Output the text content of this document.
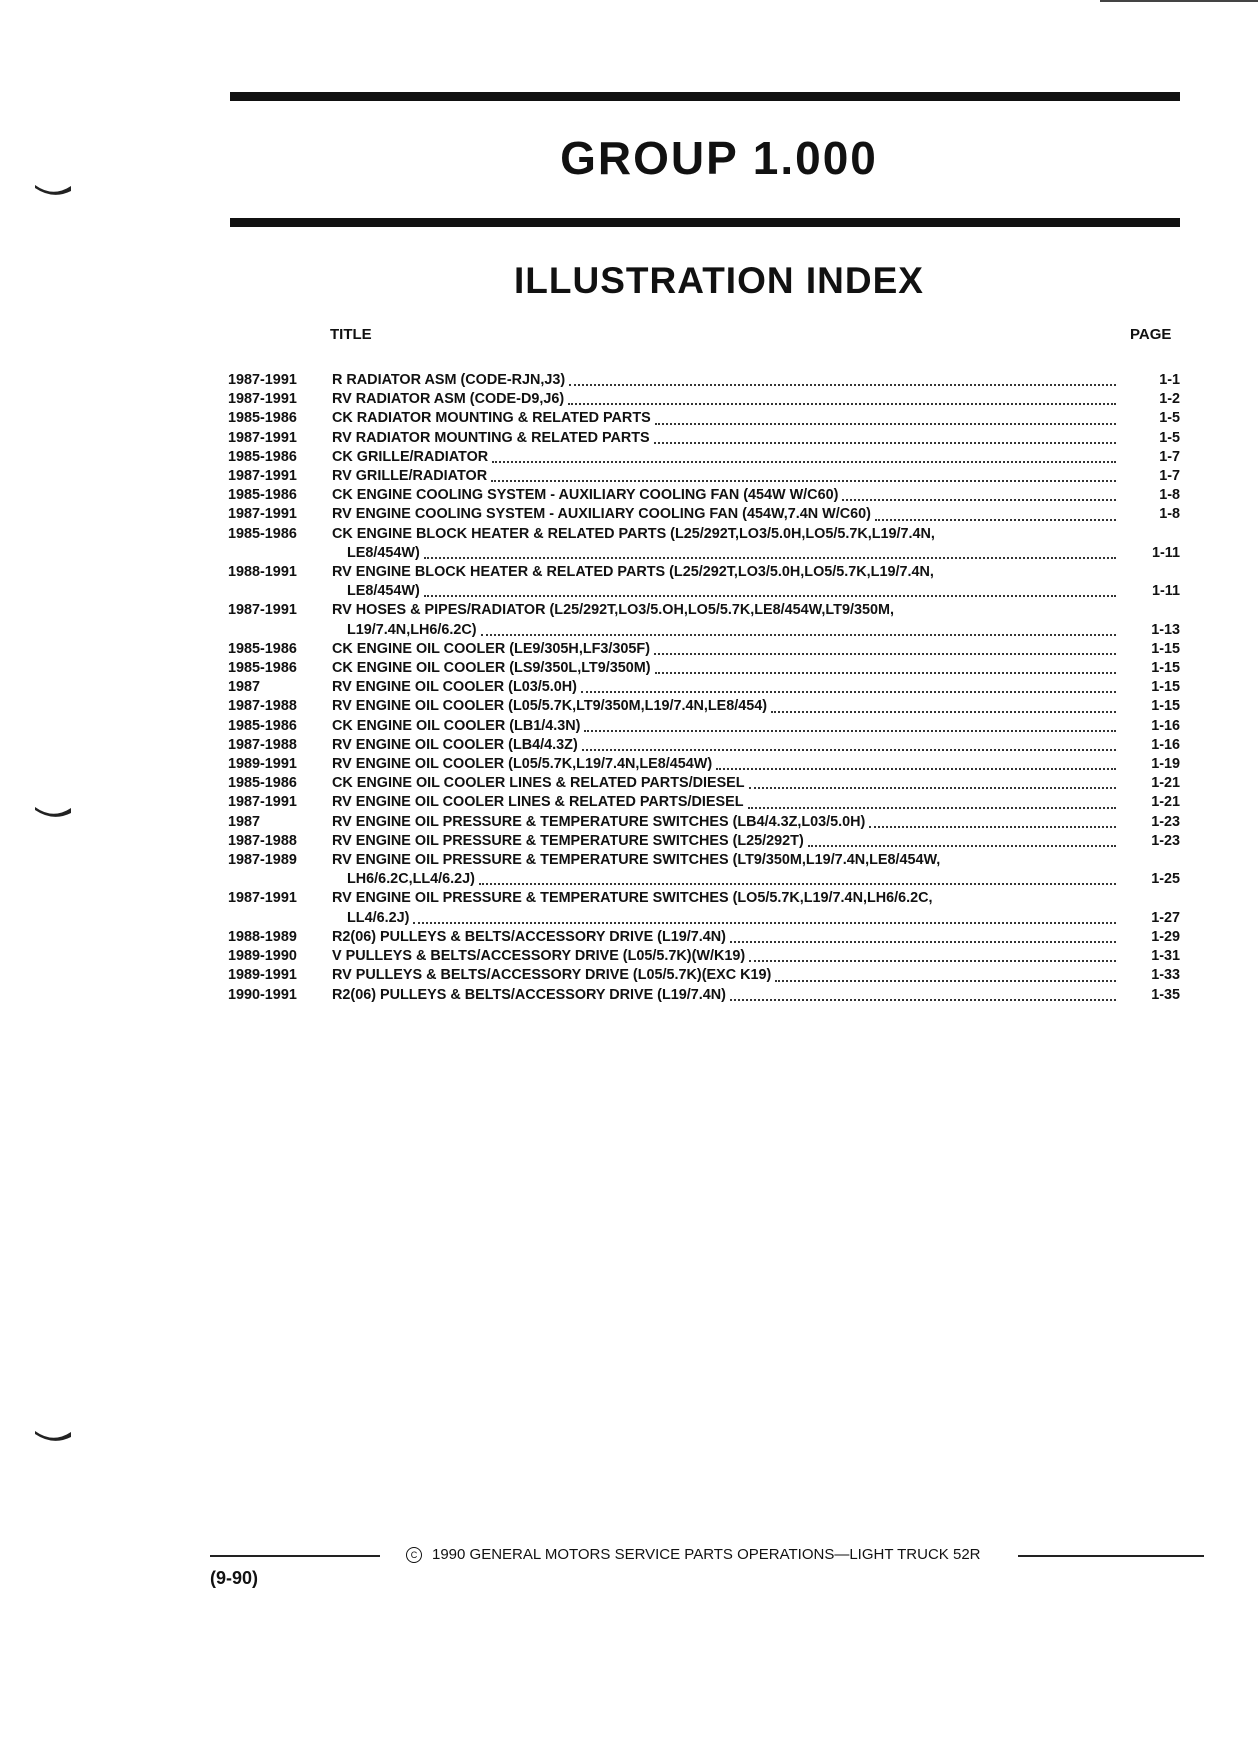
GROUP 1.000
ILLUSTRATION INDEX
TITLE	PAGE
1987-1991	R RADIATOR ASM (CODE-RJN,J3)	1-1
1987-1991	RV RADIATOR ASM (CODE-D9,J6)	1-2
1985-1986	CK RADIATOR MOUNTING & RELATED PARTS	1-5
1987-1991	RV RADIATOR MOUNTING & RELATED PARTS	1-5
1985-1986	CK GRILLE/RADIATOR	1-7
1987-1991	RV GRILLE/RADIATOR	1-7
1985-1986	CK ENGINE COOLING SYSTEM - AUXILIARY COOLING FAN (454W W/C60)	1-8
1987-1991	RV ENGINE COOLING SYSTEM - AUXILIARY COOLING FAN (454W,7.4N W/C60)	1-8
1985-1986	CK ENGINE BLOCK HEATER & RELATED PARTS (L25/292T,LO3/5.0H,LO5/5.7K,L19/7.4N,
LE8/454W)	1-11
1988-1991	RV ENGINE BLOCK HEATER & RELATED PARTS (L25/292T,LO3/5.0H,LO5/5.7K,L19/7.4N,
LE8/454W)	1-11
1987-1991	RV HOSES & PIPES/RADIATOR (L25/292T,LO3/5.OH,LO5/5.7K,LE8/454W,LT9/350M,
L19/7.4N,LH6/6.2C)	1-13
1985-1986	CK ENGINE OIL COOLER (LE9/305H,LF3/305F)	1-15
1985-1986	CK ENGINE OIL COOLER (LS9/350L,LT9/350M)	1-15
1987	RV ENGINE OIL COOLER (L03/5.0H)	1-15
1987-1988	RV ENGINE OIL COOLER (L05/5.7K,LT9/350M,L19/7.4N,LE8/454)	1-15
1985-1986	CK ENGINE OIL COOLER (LB1/4.3N)	1-16
1987-1988	RV ENGINE OIL COOLER (LB4/4.3Z)	1-16
1989-1991	RV ENGINE OIL COOLER (L05/5.7K,L19/7.4N,LE8/454W)	1-19
1985-1986	CK ENGINE OIL COOLER LINES & RELATED PARTS/DIESEL	1-21
1987-1991	RV ENGINE OIL COOLER LINES & RELATED PARTS/DIESEL	1-21
1987	RV ENGINE OIL PRESSURE & TEMPERATURE SWITCHES (LB4/4.3Z,L03/5.0H)	1-23
1987-1988	RV ENGINE OIL PRESSURE & TEMPERATURE SWITCHES (L25/292T)	1-23
1987-1989	RV ENGINE OIL PRESSURE & TEMPERATURE SWITCHES (LT9/350M,L19/7.4N,LE8/454W,
LH6/6.2C,LL4/6.2J)	1-25
1987-1991	RV ENGINE OIL PRESSURE & TEMPERATURE SWITCHES (LO5/5.7K,L19/7.4N,LH6/6.2C,
LL4/6.2J)	1-27
1988-1989	R2(06) PULLEYS & BELTS/ACCESSORY DRIVE (L19/7.4N)	1-29
1989-1990	V PULLEYS & BELTS/ACCESSORY DRIVE (L05/5.7K)(W/K19)	1-31
1989-1991	RV PULLEYS & BELTS/ACCESSORY DRIVE (L05/5.7K)(EXC K19)	1-33
1990-1991	R2(06) PULLEYS & BELTS/ACCESSORY DRIVE (L19/7.4N)	1-35
C 1990 GENERAL MOTORS SERVICE PARTS OPERATIONS—LIGHT TRUCK 52R
(9-90)
